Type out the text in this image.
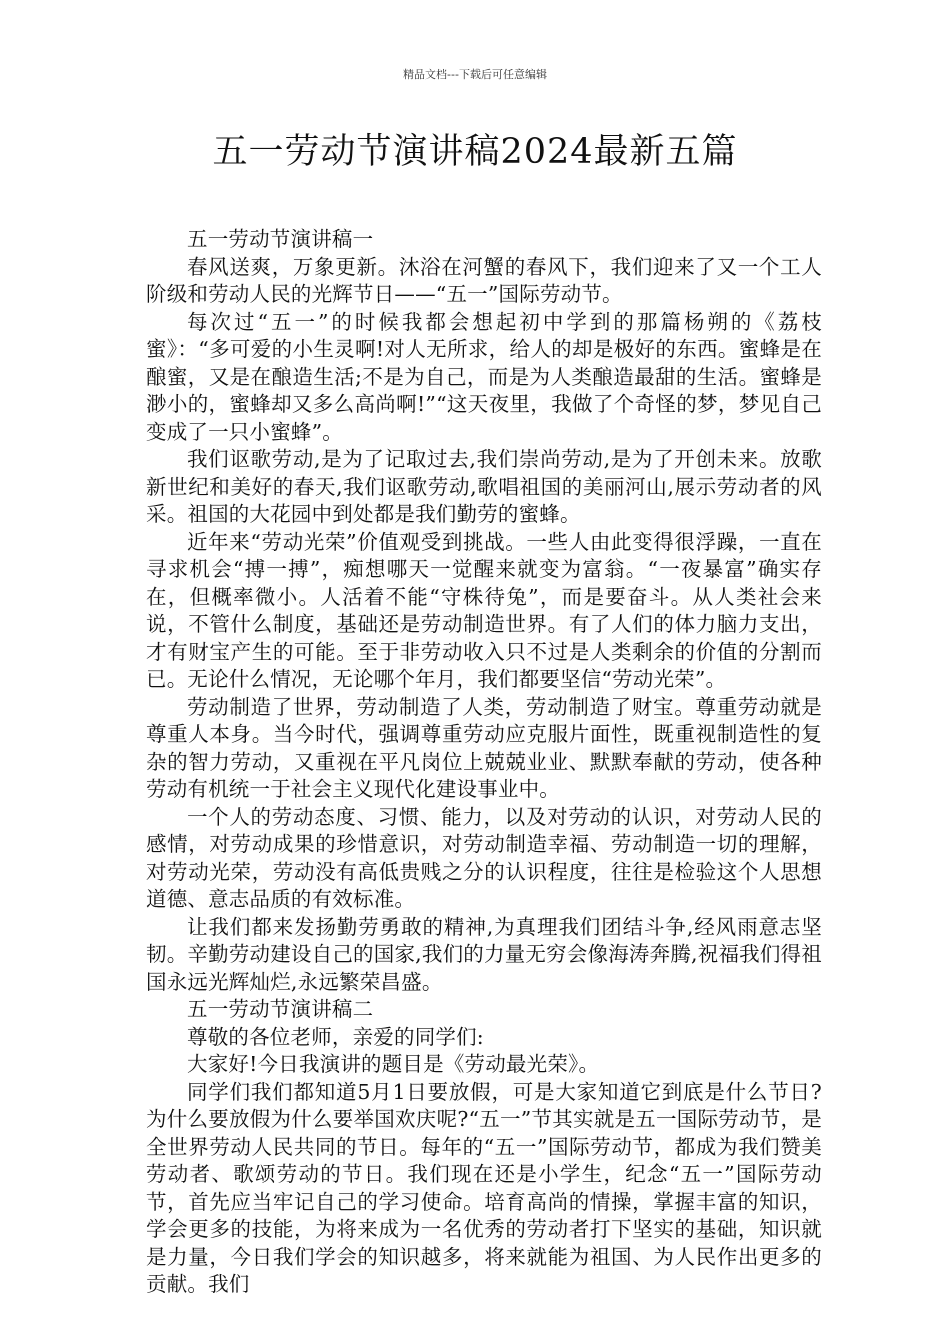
精品文档---下载后可任意编辑
五一劳动节演讲稿2024最新五篇

五一劳动节演讲稿一

春风送爽，万象更新。沐浴在河蟹的春风下，我们迎来了又一个工人阶级和劳动人民的光辉节日——“五一”国际劳动节。

每次过“五一”的时候我都会想起初中学到的那篇杨朔的《荔枝蜜》：“多可爱的小生灵啊!对人无所求，给人的却是极好的东西。蜜蜂是在酿蜜，又是在酿造生活;不是为自己，而是为人类酿造最甜的生活。蜜蜂是渺小的，蜜蜂却又多么高尚啊!”“这天夜里，我做了个奇怪的梦，梦见自己变成了一只小蜜蜂”。

我们讴歌劳动,是为了记取过去,我们崇尚劳动,是为了开创未来。放歌新世纪和美好的春天,我们讴歌劳动,歌唱祖国的美丽河山,展示劳动者的风采。祖国的大花园中到处都是我们勤劳的蜜蜂。

近年来“劳动光荣”价值观受到挑战。一些人由此变得很浮躁，一直在寻求机会“搏一搏”，痴想哪天一觉醒来就变为富翁。“一夜暴富”确实存在，但概率微小。人活着不能“守株待兔”，而是要奋斗。从人类社会来说，不管什么制度，基础还是劳动制造世界。有了人们的体力脑力支出，才有财宝产生的可能。至于非劳动收入只不过是人类剩余的价值的分割而已。无论什么情况，无论哪个年月，我们都要坚信“劳动光荣”。

劳动制造了世界，劳动制造了人类，劳动制造了财宝。尊重劳动就是尊重人本身。当今时代，强调尊重劳动应克服片面性，既重视制造性的复杂的智力劳动，又重视在平凡岗位上兢兢业业、默默奉献的劳动，使各种劳动有机统一于社会主义现代化建设事业中。

一个人的劳动态度、习惯、能力，以及对劳动的认识，对劳动人民的感情，对劳动成果的珍惜意识，对劳动制造幸福、劳动制造一切的理解，对劳动光荣，劳动没有高低贵贱之分的认识程度，往往是检验这个人思想道德、意志品质的有效标准。

让我们都来发扬勤劳勇敢的精神,为真理我们团结斗争,经风雨意志坚韧。辛勤劳动建设自己的国家,我们的力量无穷会像海涛奔腾,祝福我们得祖国永远光辉灿烂,永远繁荣昌盛。

五一劳动节演讲稿二

尊敬的各位老师，亲爱的同学们:

大家好!今日我演讲的题目是《劳动最光荣》。

同学们我们都知道5月1日要放假，可是大家知道它到底是什么节日?为什么要放假为什么要举国欢庆呢?“五一”节其实就是五一国际劳动节，是全世界劳动人民共同的节日。每年的“五一”国际劳动节，都成为我们赞美劳动者、歌颂劳动的节日。我们现在还是小学生，纪念“五一”国际劳动节，首先应当牢记自己的学习使命。培育高尚的情操，掌握丰富的知识，学会更多的技能，为将来成为一名优秀的劳动者打下坚实的基础，知识就是力量，今日我们学会的知识越多，将来就能为祖国、为人民作出更多的贡献。我们
